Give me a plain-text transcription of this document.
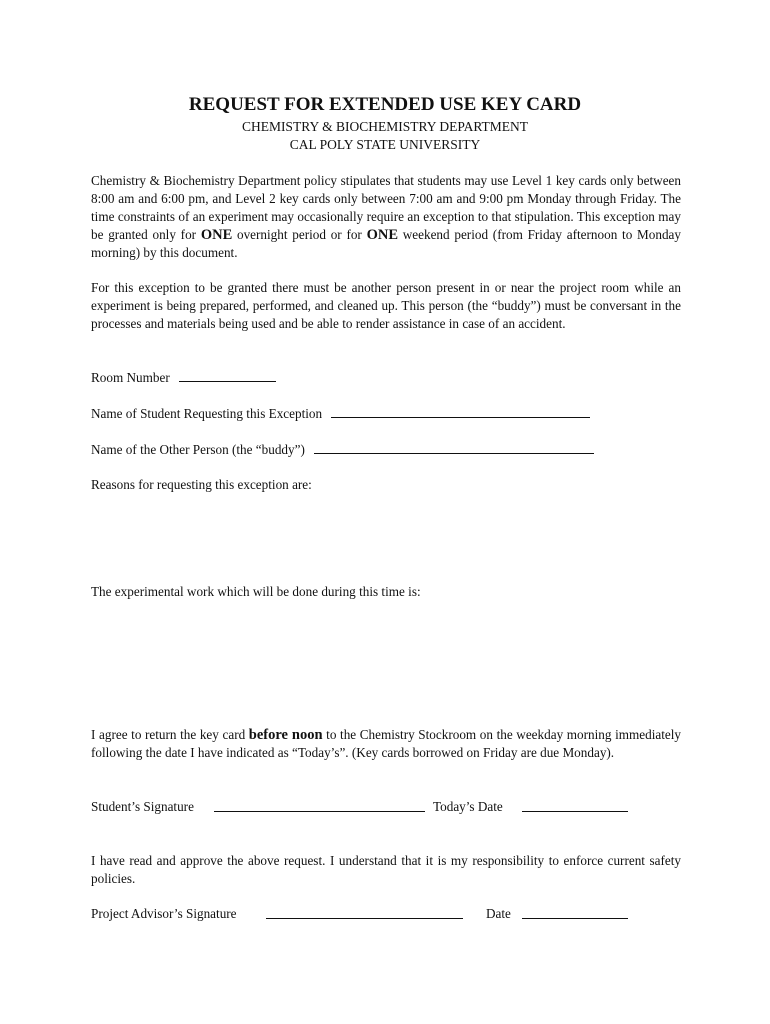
REQUEST FOR EXTENDED USE KEY CARD

CHEMISTRY & BIOCHEMISTRY DEPARTMENT

CAL POLY STATE UNIVERSITY

Chemistry & Biochemistry Department policy stipulates that students may use Level 1 key cards only between 8:00 am and 6:00 pm, and Level 2 key cards only between 7:00 am and 9:00 pm Monday through Friday. The time constraints of an experiment may occasionally require an exception to that stipulation. This exception may be granted only for ONE overnight period or for ONE weekend period (from Friday afternoon to Monday morning) by this document.

For this exception to be granted there must be another person present in or near the project room while an experiment is being prepared, performed, and cleaned up. This person (the “buddy”) must be conversant in the processes and materials being used and be able to render assistance in case of an accident.

Room Number

Name of Student Requesting this Exception

Name of the Other Person (the “buddy”)

Reasons for requesting this exception are:

The experimental work which will be done during this time is:

I agree to return the key card before noon to the Chemistry Stockroom on the weekday morning immediately following the date I have indicated as “Today’s”. (Key cards borrowed on Friday are due Monday).

Student’s Signature	Today’s Date

I have read and approve the above request. I understand that it is my responsibility to enforce current safety policies.

Project Advisor’s Signature	Date
